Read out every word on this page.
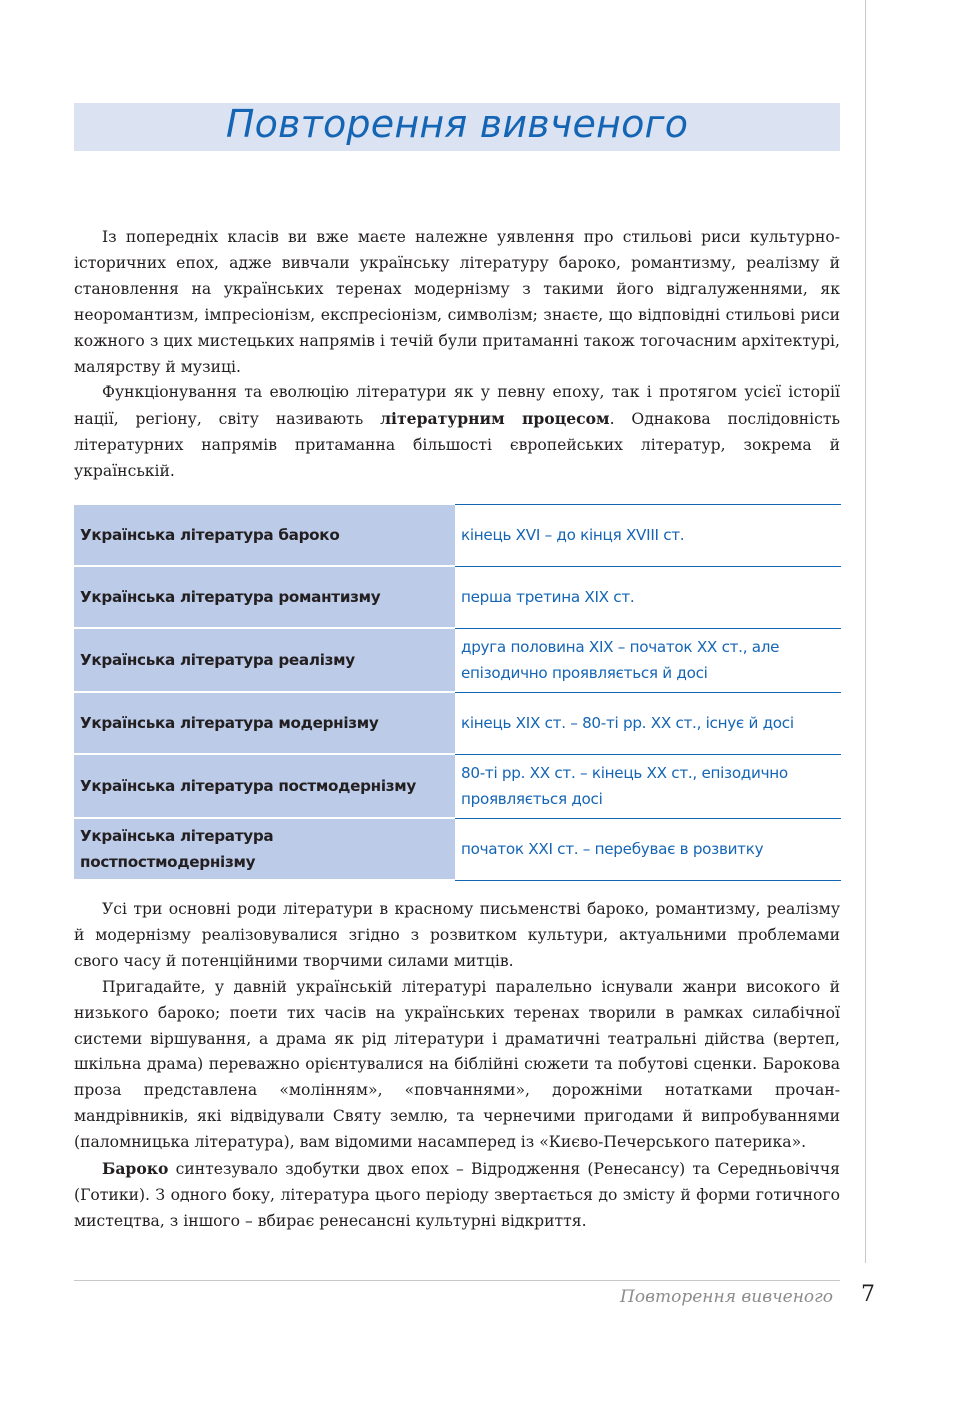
Повторення вивченого

Із попередніх класів ви вже маєте належне уявлення про стильові риси культурно-історичних епох, адже вивчали українську літературу бароко, романтизму, реалізму й становлення на українських теренах модернізму з такими його відгалуженнями, як неоромантизм, імпресіонізм, експресіонізм, символізм; знаєте, що відповідні стильові риси кожного з цих мистецьких напрямів і течій були притаманні також тогочасним архітектурі, малярству й музиці.

Функціонування та еволюцію літератури як у певну епоху, так і протягом усієї історії нації, регіону, світу називають літературним процесом. Однакова послідовність літературних напрямів притаманна більшості європейських літератур, зокрема й українській.

Українська література бароко		кінець XVI – до кінця XVIII ст.
Українська література романтизму		перша третина XIX ст.
Українська література реалізму		друга половина XIX – початок XX ст., але епізодично проявляється й досі
Українська література модернізму		кінець XIX ст. – 80-ті рр. XX ст., існує й досі
Українська література постмодернізму		80-ті рр. XX ст. – кінець XX ст., епізодично проявляється досі
Українська література постпостмодернізму		початок XXI ст. – перебуває в розвитку

Усі три основні роди літератури в красному письменстві бароко, романтизму, реалізму й модернізму реалізовувалися згідно з розвитком культури, актуальними проблемами свого часу й потенційними творчими силами митців.

Пригадайте, у давній українській літературі паралельно існували жанри високого й низького бароко; поети тих часів на українських теренах творили в рамках силабічної системи віршування, а драма як рід літератури і драматичні театральні дійства (вертеп, шкільна драма) переважно орієнтувалися на біблійні сюжети та побутові сценки. Барокова проза представлена «молінням», «повчаннями», дорожніми нотатками прочан-мандрівників, які відвідували Святу землю, та чернечими пригодами й випробуваннями (паломницька література), вам відомими насамперед із «Києво-Печерського патерика».

Бароко синтезувало здобутки двох епох – Відродження (Ренесансу) та Середньовіччя (Готики). З одного боку, література цього періоду звертається до змісту й форми готичного мистецтва, з іншого – вбирає ренесансні культурні відкриття.

Повторення вивченого 7
